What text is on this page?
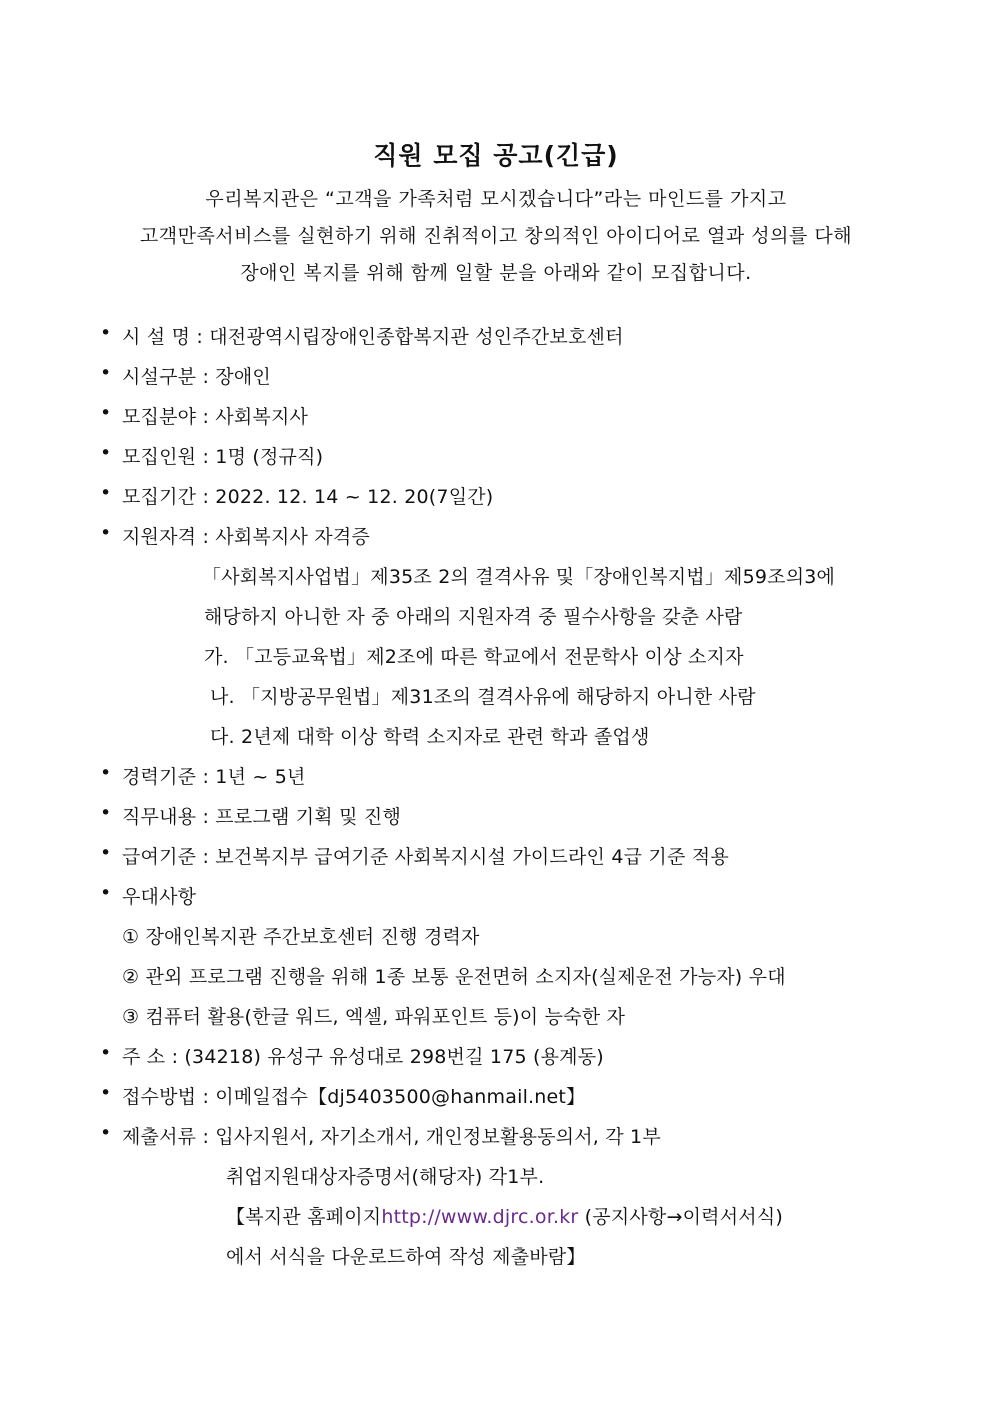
직원 모집 공고(긴급)
우리복지관은 “고객을 가족처럼 모시겠습니다”라는 마인드를 가지고
고객만족서비스를 실현하기 위해 진취적이고 창의적인 아이디어로 열과 성의를 다해
장애인 복지를 위해 함께 일할 분을 아래와 같이 모집합니다.
• 시 설 명 : 대전광역시립장애인종합복지관 성인주간보호센터
• 시설구분 : 장애인
• 모집분야 : 사회복지사
• 모집인원 : 1명 (정규직)
• 모집기간 : 2022. 12. 14 ~ 12. 20(7일간)
• 지원자격 : 사회복지사 자격증
「사회복지사업법」제35조 2의 결격사유 및「장애인복지법」제59조의3에
해당하지 아니한 자 중 아래의 지원자격 중 필수사항을 갖춘 사람
가. 「고등교육법」제2조에 따른 학교에서 전문학사 이상 소지자
나. 「지방공무원법」제31조의 결격사유에 해당하지 아니한 사람
다. 2년제 대학 이상 학력 소지자로 관련 학과 졸업생
• 경력기준 : 1년 ~ 5년
• 직무내용 : 프로그램 기획 및 진행
• 급여기준 : 보건복지부 급여기준 사회복지시설 가이드라인 4급 기준 적용
• 우대사항
① 장애인복지관 주간보호센터 진행 경력자
② 관외 프로그램 진행을 위해 1종 보통 운전면허 소지자(실제운전 가능자) 우대
③ 컴퓨터 활용(한글 워드, 엑셀, 파워포인트 등)이 능숙한 자
• 주 소 : (34218) 유성구 유성대로 298번길 175 (용계동)
• 접수방법 : 이메일접수【dj5403500@hanmail.net】
• 제출서류 : 입사지원서, 자기소개서, 개인정보활용동의서, 각 1부
취업지원대상자증명서(해당자) 각1부.
【복지관 홈페이지http://www.djrc.or.kr (공지사항→이력서서식)
에서 서식을 다운로드하여 작성 제출바람】
